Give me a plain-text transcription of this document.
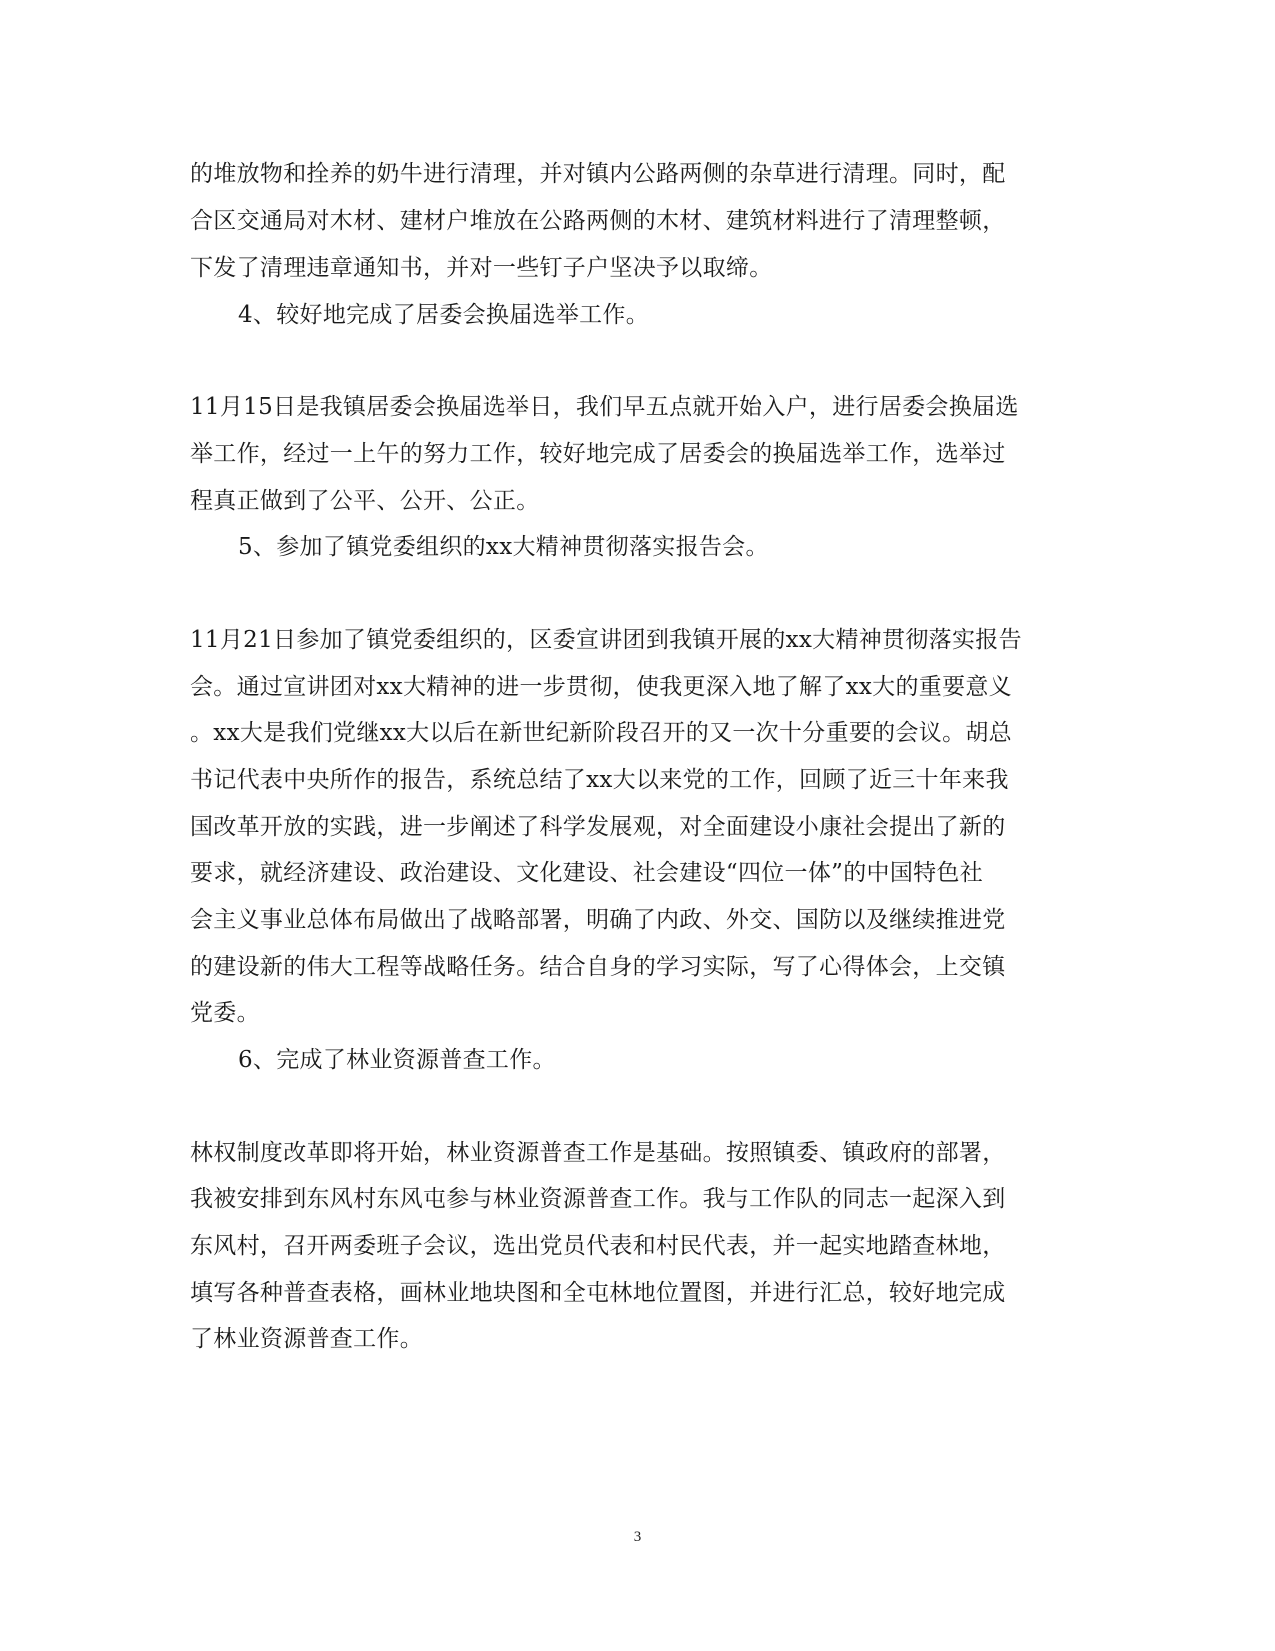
的堆放物和拴养的奶牛进行清理，并对镇内公路两侧的杂草进行清理。同时，配
合区交通局对木材、建材户堆放在公路两侧的木材、建筑材料进行了清理整顿，
下发了清理违章通知书，并对一些钉子户坚决予以取缔。
4、较好地完成了居委会换届选举工作。
11月15日是我镇居委会换届选举日，我们早五点就开始入户，进行居委会换届选
举工作，经过一上午的努力工作，较好地完成了居委会的换届选举工作，选举过
程真正做到了公平、公开、公正。
5、参加了镇党委组织的xx大精神贯彻落实报告会。
11月21日参加了镇党委组织的，区委宣讲团到我镇开展的xx大精神贯彻落实报告
会。通过宣讲团对xx大精神的进一步贯彻，使我更深入地了解了xx大的重要意义
。xx大是我们党继xx大以后在新世纪新阶段召开的又一次十分重要的会议。胡总
书记代表中央所作的报告，系统总结了xx大以来党的工作，回顾了近三十年来我
国改革开放的实践，进一步阐述了科学发展观，对全面建设小康社会提出了新的
要求，就经济建设、政治建设、文化建设、社会建设“四位一体”的中国特色社
会主义事业总体布局做出了战略部署，明确了内政、外交、国防以及继续推进党
的建设新的伟大工程等战略任务。结合自身的学习实际，写了心得体会，上交镇
党委。
6、完成了林业资源普查工作。
林权制度改革即将开始，林业资源普查工作是基础。按照镇委、镇政府的部署，
我被安排到东风村东风屯参与林业资源普查工作。我与工作队的同志一起深入到
东风村，召开两委班子会议，选出党员代表和村民代表，并一起实地踏查林地，
填写各种普查表格，画林业地块图和全屯林地位置图，并进行汇总，较好地完成
了林业资源普查工作。
3
